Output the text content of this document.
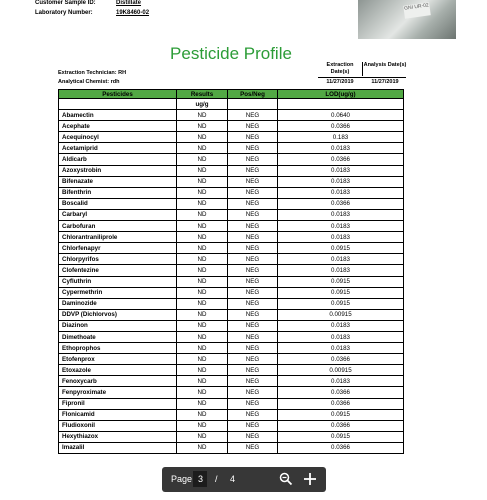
Customer Sample ID:	Distillate
Laboratory Number:	19K8460-02
GNI UR-02
Pesticide Profile
Extraction Technician: RH
Analytical Chemist: rdh
Extraction Date(s)
Analysis Date(s)
11/27/2019	11/27/2019
Pesticides	Results	Pos/Neg	LOD(ug/g)
	ug/g		
Abamectin	ND	NEG	0.0640
Acephate	ND	NEG	0.0366
Acequinocyl	ND	NEG	0.183
Acetamiprid	ND	NEG	0.0183
Aldicarb	ND	NEG	0.0366
Azoxystrobin	ND	NEG	0.0183
Bifenazate	ND	NEG	0.0183
Bifenthrin	ND	NEG	0.0183
Boscalid	ND	NEG	0.0366
Carbaryl	ND	NEG	0.0183
Carbofuran	ND	NEG	0.0183
Chlorantraniliprole	ND	NEG	0.0183
Chlorfenapyr	ND	NEG	0.0915
Chlorpyrifos	ND	NEG	0.0183
Clofentezine	ND	NEG	0.0183
Cyfluthrin	ND	NEG	0.0915
Cypermethrin	ND	NEG	0.0915
Daminozide	ND	NEG	0.0915
DDVP (Dichlorvos)	ND	NEG	0.00915
Diazinon	ND	NEG	0.0183
Dimethoate	ND	NEG	0.0183
Ethoprophos	ND	NEG	0.0183
Etofenprox	ND	NEG	0.0366
Etoxazole	ND	NEG	0.00915
Fenoxycarb	ND	NEG	0.0183
Fenpyroximate	ND	NEG	0.0366
Fipronil	ND	NEG	0.0366
Flonicamid	ND	NEG	0.0915
Fludioxonil	ND	NEG	0.0366
Hexythiazox	ND	NEG	0.0915
Imazalil	ND	NEG	0.0366
Page 3 / 4
